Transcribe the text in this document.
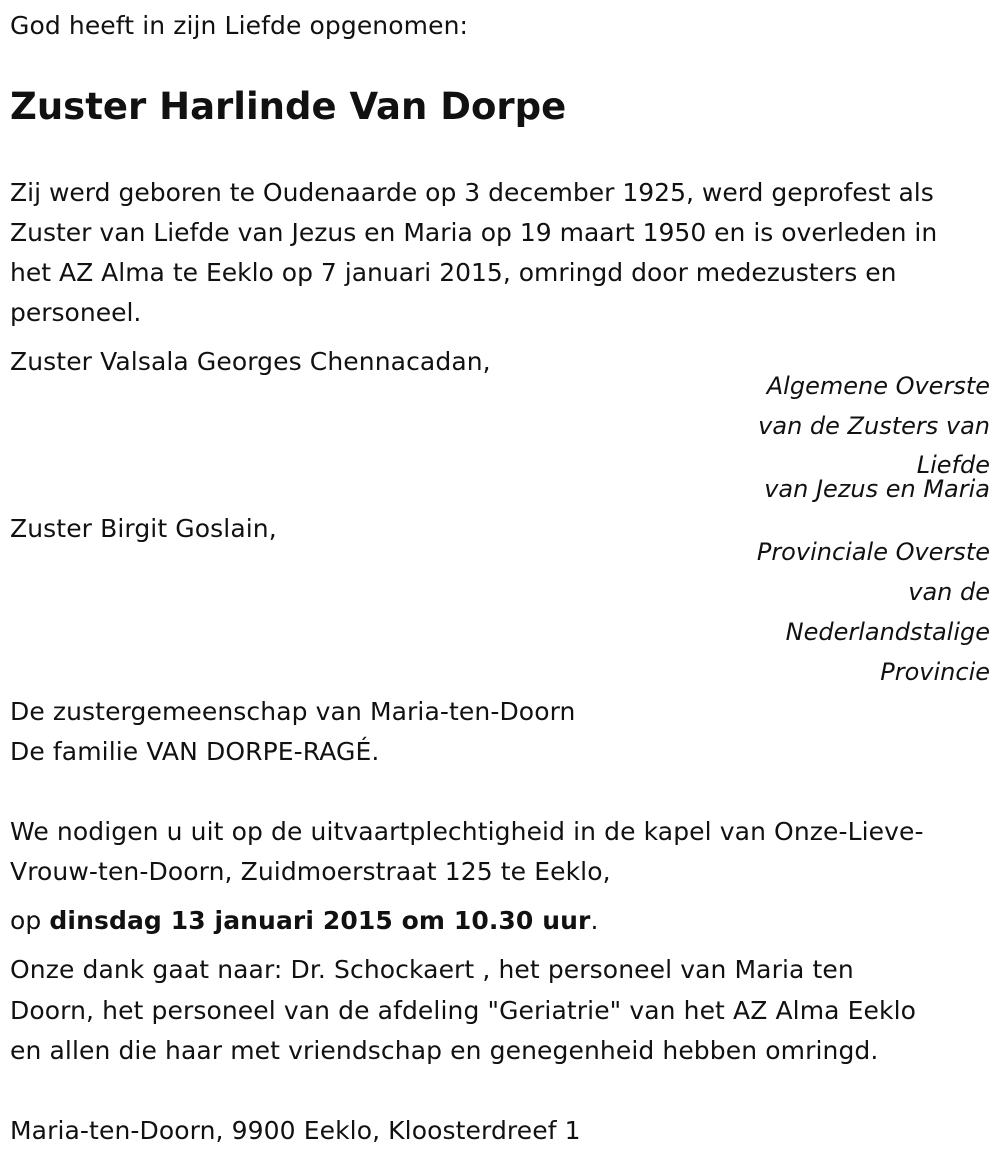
God heeft in zijn Liefde opgenomen:
Zuster Harlinde Van Dorpe
Zij werd geboren te Oudenaarde op 3 december 1925, werd geprofest als
Zuster van Liefde van Jezus en Maria op 19 maart 1950 en is overleden in
het AZ Alma te Eeklo op 7 januari 2015, omringd door medezusters en
personeel.
Zuster Valsala Georges Chennacadan,
Algemene Overste
van de Zusters van
Liefde
van Jezus en Maria
Zuster Birgit Goslain,
Provinciale Overste
van de
Nederlandstalige
Provincie
De zustergemeenschap van Maria-ten-Doorn
De familie VAN DORPE-RAGÉ.
We nodigen u uit op de uitvaartplechtigheid in de kapel van Onze-Lieve-
Vrouw-ten-Doorn, Zuidmoerstraat 125 te Eeklo,
op dinsdag 13 januari 2015 om 10.30 uur.
Onze dank gaat naar: Dr. Schockaert , het personeel van Maria ten
Doorn, het personeel van de afdeling "Geriatrie" van het AZ Alma Eeklo
en allen die haar met vriendschap en genegenheid hebben omringd.
Maria-ten-Doorn, 9900 Eeklo, Kloosterdreef 1
